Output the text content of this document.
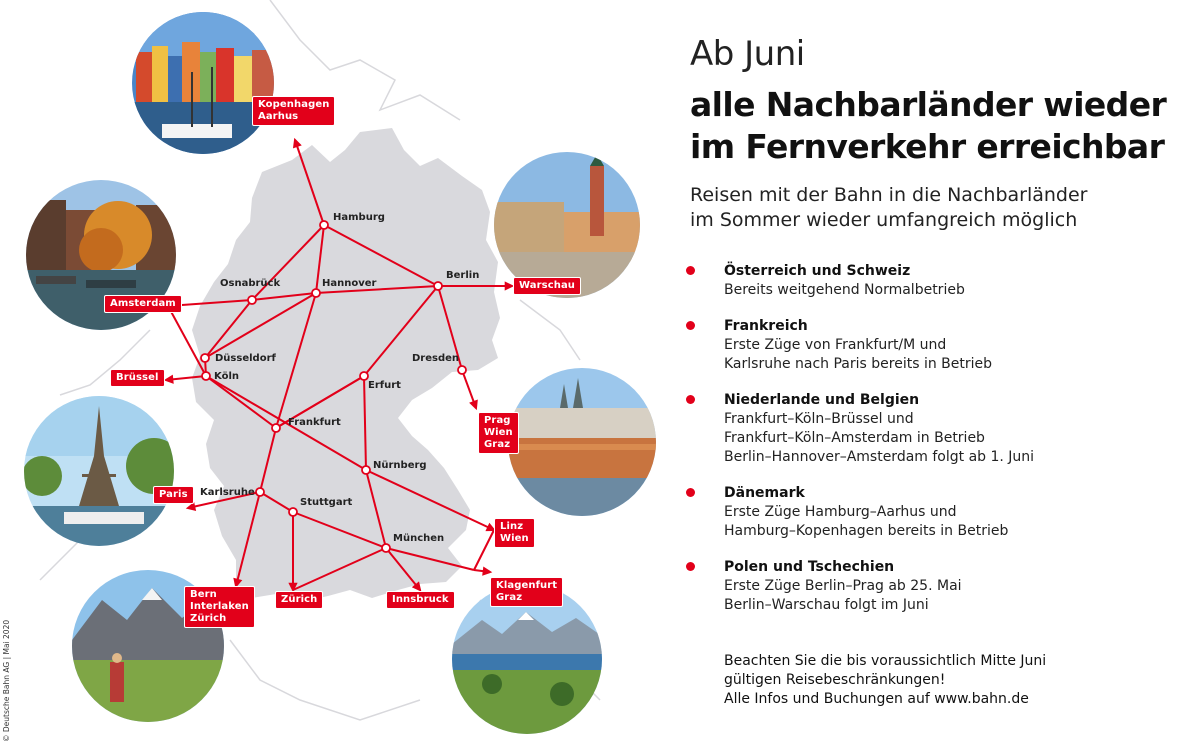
Hamburg
Osnabrück	Hannover
Berlin
Düsseldorf
Köln
Dresden
Erfurt
Frankfurt
Nürnberg
Karlsruhe
Stuttgart
München
Kopenhagen
Aarhus
Amsterdam
Warschau
Brüssel
Prag
Wien
Graz
Paris
Linz
Wien
Bern
Interlaken
Zürich
Zürich	Innsbruck
Klagenfurt
Graz
© Deutsche Bahn AG | Mai 2020
Ab Juni
alle Nachbarländer wieder
im Fernverkehr erreichbar
Reisen mit der Bahn in die Nachbarländer
im Sommer wieder umfangreich möglich
Österreich und Schweiz
Bereits weitgehend Normalbetrieb
Frankreich
Erste Züge von Frankfurt/M und
Karlsruhe nach Paris bereits in Betrieb
Niederlande und Belgien
Frankfurt–Köln–Brüssel und
Frankfurt–Köln–Amsterdam in Betrieb
Berlin–Hannover–Amsterdam folgt ab 1. Juni
Dänemark
Erste Züge Hamburg–Aarhus und
Hamburg–Kopenhagen bereits in Betrieb
Polen und Tschechien
Erste Züge Berlin–Prag ab 25. Mai
Berlin–Warschau folgt im Juni
Beachten Sie die bis voraussichtlich Mitte Juni
gültigen Reisebeschränkungen!
Alle Infos und Buchungen auf www.bahn.de
